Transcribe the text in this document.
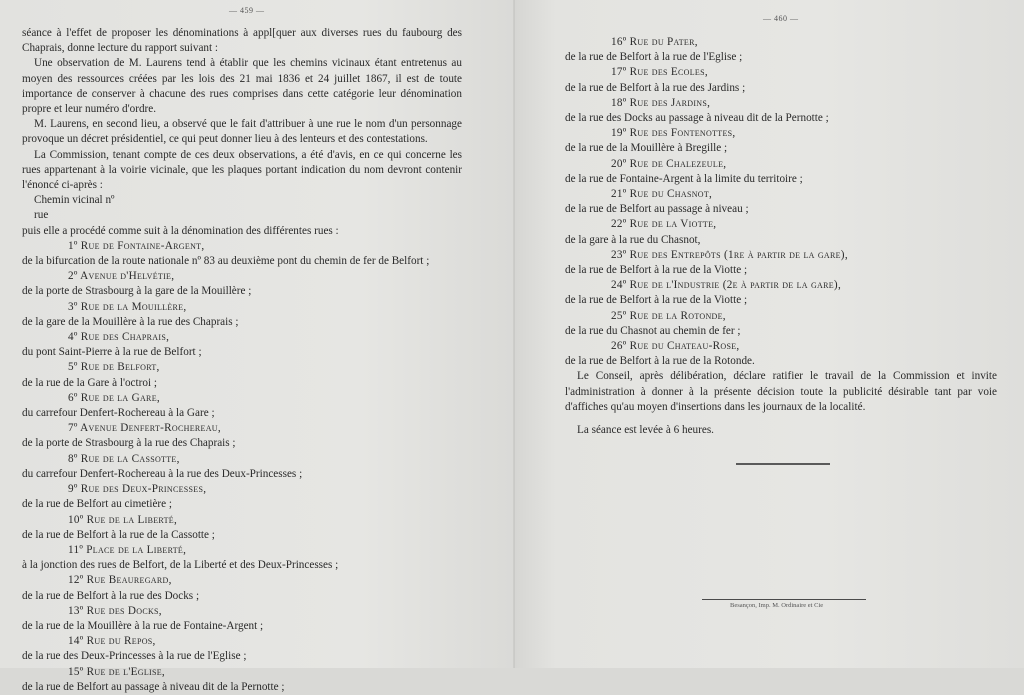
— 459 —

séance à l'effet de proposer les dénominations à appl[quer aux diverses rues du faubourg des Chaprais, donne lecture du rapport suivant :

Une observation de M. Laurens tend à établir que les chemins vicinaux étant entretenus au moyen des ressources créées par les lois des 21 mai 1836 et 24 juillet 1867, il est de toute importance de conserver à chacune des rues comprises dans cette catégorie leur dénomination propre et leur numéro d'ordre.

M. Laurens, en second lieu, a observé que le fait d'attribuer à une rue le nom d'un personnage provoque un décret présidentiel, ce qui peut donner lieu à des lenteurs et des contestations.

La Commission, tenant compte de ces deux observations, a été d'avis, en ce qui concerne les rues appartenant à la voirie vicinale, que les plaques portant indication du nom devront contenir l'énoncé ci-après :

Chemin vicinal nº

rue

puis elle a procédé comme suit à la dénomination des différentes rues :

1º Rue de Fontaine-Argent,

de la bifurcation de la route nationale nº 83 au deuxième pont du chemin de fer de Belfort ;

2º Avenue d'Helvétie,

de la porte de Strasbourg à la gare de la Mouillère ;

3º Rue de la Mouillère,

de la gare de la Mouillère à la rue des Chaprais ;

4º Rue des Chaprais,

du pont Saint-Pierre à la rue de Belfort ;

5º Rue de Belfort,

de la rue de la Gare à l'octroi ;

6º Rue de la Gare,

du carrefour Denfert-Rochereau à la Gare ;

7º Avenue Denfert-Rochereau,

de la porte de Strasbourg à la rue des Chaprais ;

8º Rue de la Cassotte,

du carrefour Denfert-Rochereau à la rue des Deux-Princesses ;

9º Rue des Deux-Princesses,

de la rue de Belfort au cimetière ;

10º Rue de la Liberté,

de la rue de Belfort à la rue de la Cassotte ;

11º Place de la Liberté,

à la jonction des rues de Belfort, de la Liberté et des Deux-Princesses ;

12º Rue Beauregard,

de la rue de Belfort à la rue des Docks ;

13º Rue des Docks,

de la rue de la Mouillère à la rue de Fontaine-Argent ;

14º Rue du Repos,

de la rue des Deux-Princesses à la rue de l'Eglise ;

15º Rue de l'Eglise,

de la rue de Belfort au passage à niveau dit de la Pernotte ;

— 460 —

16º Rue du Pater,

de la rue de Belfort à la rue de l'Eglise ;

17º Rue des Ecoles,

de la rue de Belfort à la rue des Jardins ;

18º Rue des Jardins,

de la rue des Docks au passage à niveau dit de la Pernotte ;

19º Rue des Fontenottes,

de la rue de la Mouillère à Bregille ;

20º Rue de Chalezeule,

de la rue de Fontaine-Argent à la limite du territoire ;

21º Rue du Chasnot,

de la rue de Belfort au passage à niveau ;

22º Rue de la Viotte,

de la gare à la rue du Chasnot,

23º Rue des Entrepôts (1re à partir de la gare),

de la rue de Belfort à la rue de la Viotte ;

24º Rue de l'Industrie (2e à partir de la gare),

de la rue de Belfort à la rue de la Viotte ;

25º Rue de la Rotonde,

de la rue du Chasnot au chemin de fer ;

26º Rue du Chateau-Rose,

de la rue de Belfort à la rue de la Rotonde.

Le Conseil, après délibération, déclare ratifier le travail de la Commission et invite l'administration à donner à la présente décision toute la publicité désirable tant par voie d'affiches qu'au moyen d'insertions dans les journaux de la localité.

La séance est levée à 6 heures.

Besançon, Imp. M. Ordinaire et Cie
